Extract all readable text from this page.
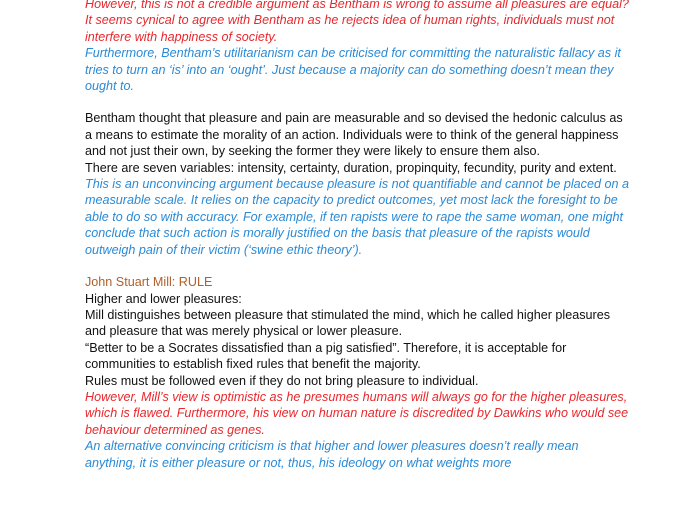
However, this is not a credible argument as Bentham is wrong to assume all pleasures are equal? It seems cynical to agree with Bentham as he rejects idea of human rights, individuals must not interfere with happiness of society.

Furthermore, Bentham’s utilitarianism can be criticised for committing the naturalistic fallacy as it tries to turn an ‘is’ into an ‘ought’. Just because a majority can do something doesn’t mean they ought to.

Bentham thought that pleasure and pain are measurable and so devised the hedonic calculus as a means to estimate the morality of an action. Individuals were to think of the general happiness and not just their own, by seeking the former they were likely to ensure them also.

There are seven variables: intensity, certainty, duration, propinquity, fecundity, purity and extent.

This is an unconvincing argument because pleasure is not quantifiable and cannot be placed on a measurable scale. It relies on the capacity to predict outcomes, yet most lack the foresight to be able to do so with accuracy. For example, if ten rapists were to rape the same woman, one might conclude that such action is morally justified on the basis that pleasure of the rapists would outweigh pain of their victim (‘swine ethic theory’).

John Stuart Mill: RULE

Higher and lower pleasures:

Mill distinguishes between pleasure that stimulated the mind, which he called higher pleasures and pleasure that was merely physical or lower pleasure.

“Better to be a Socrates dissatisfied than a pig satisfied”. Therefore, it is acceptable for communities to establish fixed rules that benefit the majority.

Rules must be followed even if they do not bring pleasure to individual.

However, Mill’s view is optimistic as he presumes humans will always go for the higher pleasures, which is flawed. Furthermore, his view on human nature is discredited by Dawkins who would see behaviour determined as genes.

An alternative convincing criticism is that higher and lower pleasures doesn’t really mean anything, it is either pleasure or not, thus, his ideology on what weights more
